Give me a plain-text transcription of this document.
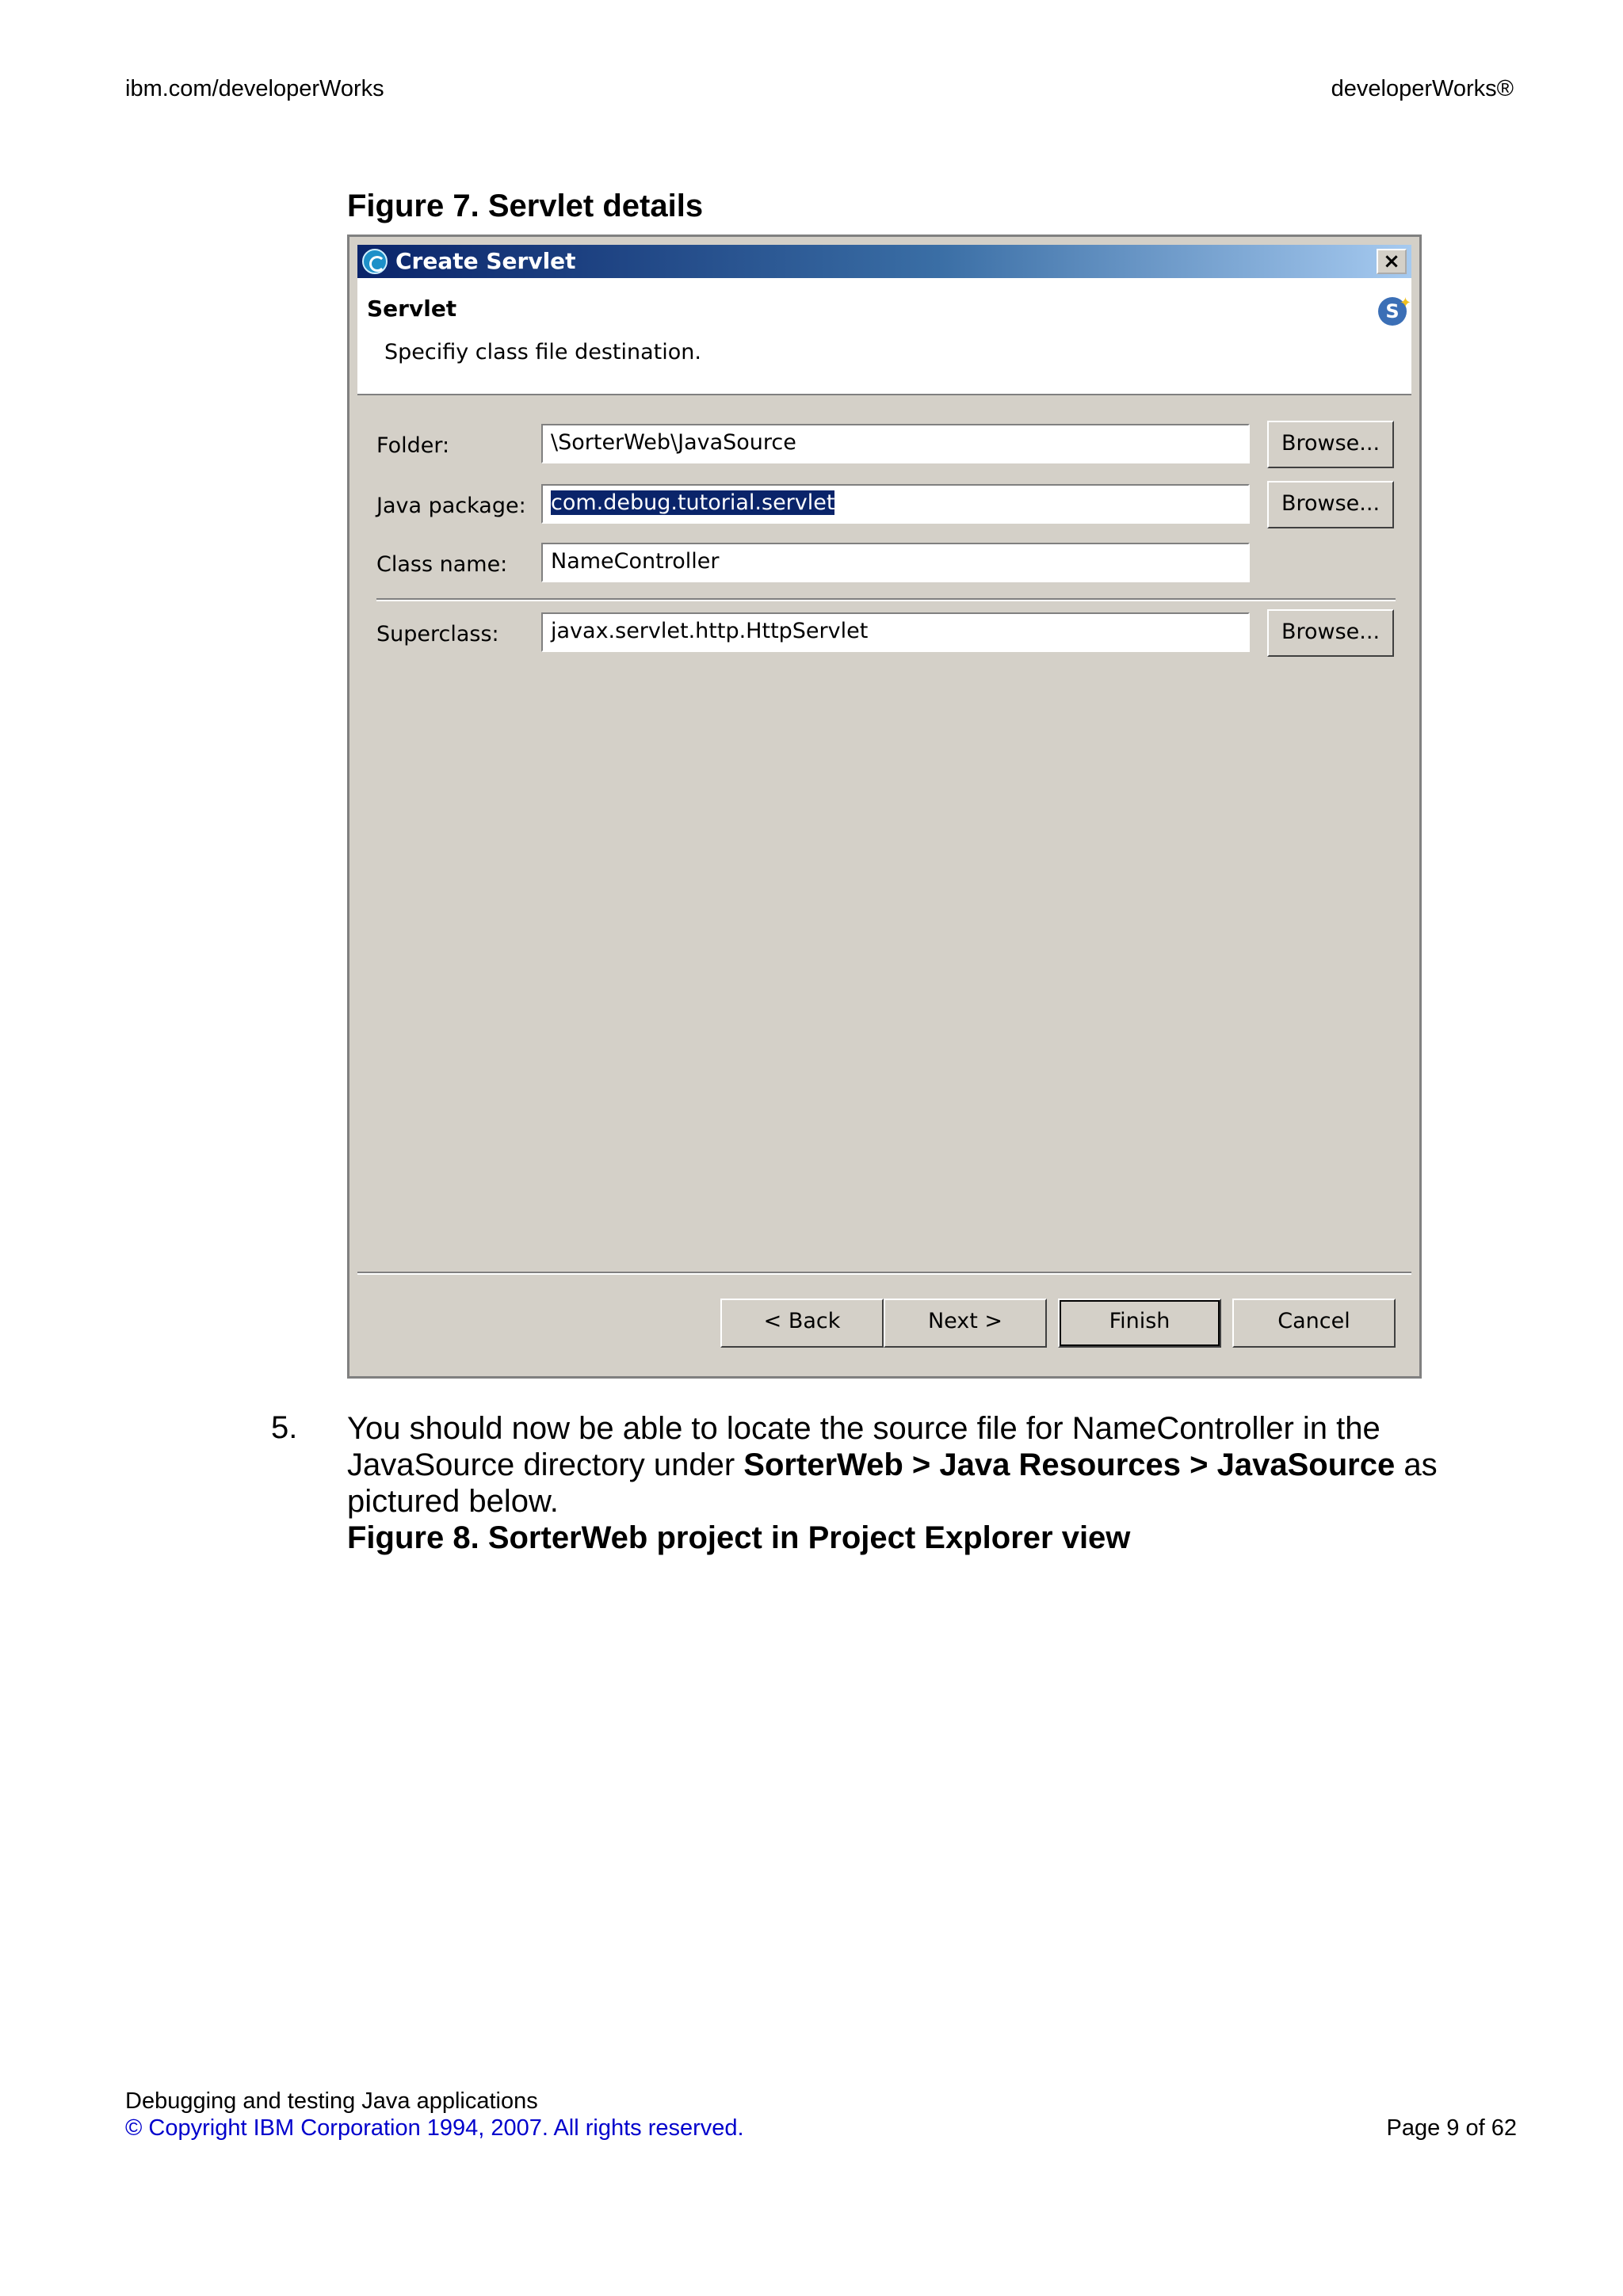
ibm.com/developerWorks	developerWorks®
Figure 7. Servlet details
Create Servlet	×
Servlet
Specifiy class file destination.
S ✦
Folder:	\SorterWeb\JavaSource	Browse...
Java package:	com.debug.tutorial.servlet	Browse...
Class name:	NameController
Superclass:	javax.servlet.http.HttpServlet	Browse...
< Back	Next >	Finish	Cancel
5. You should now be able to locate the source file for NameController in the JavaSource directory under SorterWeb > Java Resources > JavaSource as pictured below.
Figure 8. SorterWeb project in Project Explorer view
Debugging and testing Java applications
© Copyright IBM Corporation 1994, 2007. All rights reserved.	Page 9 of 62
